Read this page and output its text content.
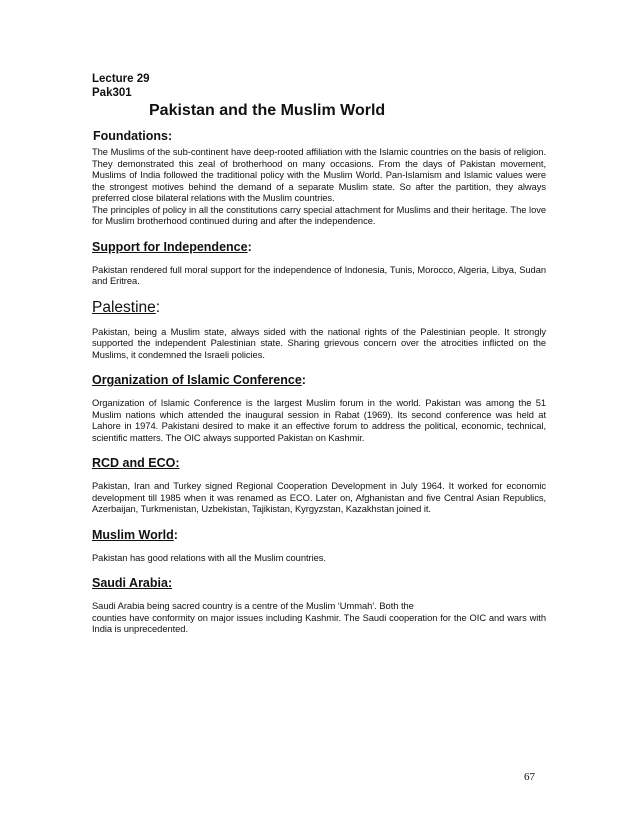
Lecture 29

Pak301

Pakistan and the Muslim World

Foundations:

The Muslims of the sub-continent have deep-rooted affiliation with the Islamic countries on the basis of religion. They demonstrated this zeal of brotherhood on many occasions. From the days of Pakistan movement, Muslims of India followed the traditional policy with the Muslim World. Pan-Islamism and Islamic values were the strongest motives behind the demand of a separate Muslim state. So after the partition, they always preferred close bilateral relations with the Muslim countries.
The principles of policy in all the constitutions carry special attachment for Muslims and their heritage. The love for Muslim brotherhood continued during and after the independence.

Support for Independence:

Pakistan rendered full moral support for the independence of Indonesia, Tunis, Morocco, Algeria, Libya, Sudan and Eritrea.

Palestine:

Pakistan, being a Muslim state, always sided with the national rights of the Palestinian people. It strongly supported the independent Palestinian state. Sharing grievous concern over the atrocities inflicted on the Muslims, it condemned the Israeli policies.

Organization of Islamic Conference:

Organization of Islamic Conference is the largest Muslim forum in the world. Pakistan was among the 51 Muslim nations which attended the inaugural session in Rabat (1969). Its second conference was held at Lahore in 1974. Pakistani desired to make it an effective forum to address the political, economic, technical, scientific matters. The OIC always supported Pakistan on Kashmir.

RCD and ECO:

Pakistan, Iran and Turkey signed Regional Cooperation Development in July 1964. It worked for economic development till 1985 when it was renamed as ECO. Later on, Afghanistan and five Central Asian Republics, Azerbaijan, Turkmenistan, Uzbekistan, Tajikistan, Kyrgyzstan, Kazakhstan joined it.

Muslim World:

Pakistan has good relations with all the Muslim countries.

Saudi Arabia:

Saudi Arabia being sacred country is a centre of the Muslim ‘Ummah’. Both the

counties have conformity on major issues including Kashmir. The Saudi cooperation for the OIC and wars with India is unprecedented.

67
